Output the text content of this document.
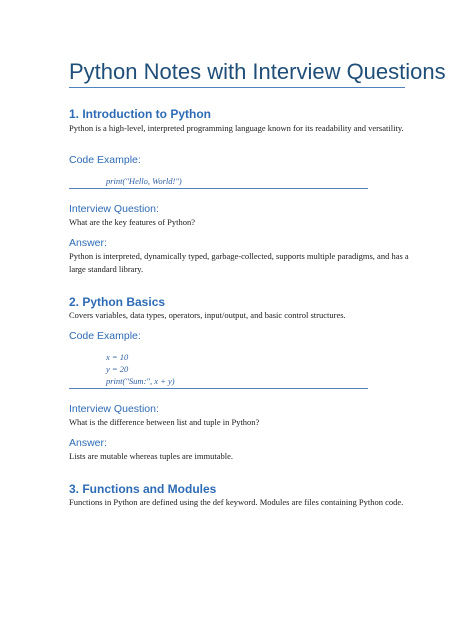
Python Notes with Interview Questions
1. Introduction to Python
Python is a high-level, interpreted programming language known for its readability and versatility.
Code Example:
print("Hello, World!")
Interview Question:
What are the key features of Python?
Answer:
Python is interpreted, dynamically typed, garbage-collected, supports multiple paradigms, and has a large standard library.
2. Python Basics
Covers variables, data types, operators, input/output, and basic control structures.
Code Example:
x = 10
y = 20
print("Sum:", x + y)
Interview Question:
What is the difference between list and tuple in Python?
Answer:
Lists are mutable whereas tuples are immutable.
3. Functions and Modules
Functions in Python are defined using the def keyword. Modules are files containing Python code.
